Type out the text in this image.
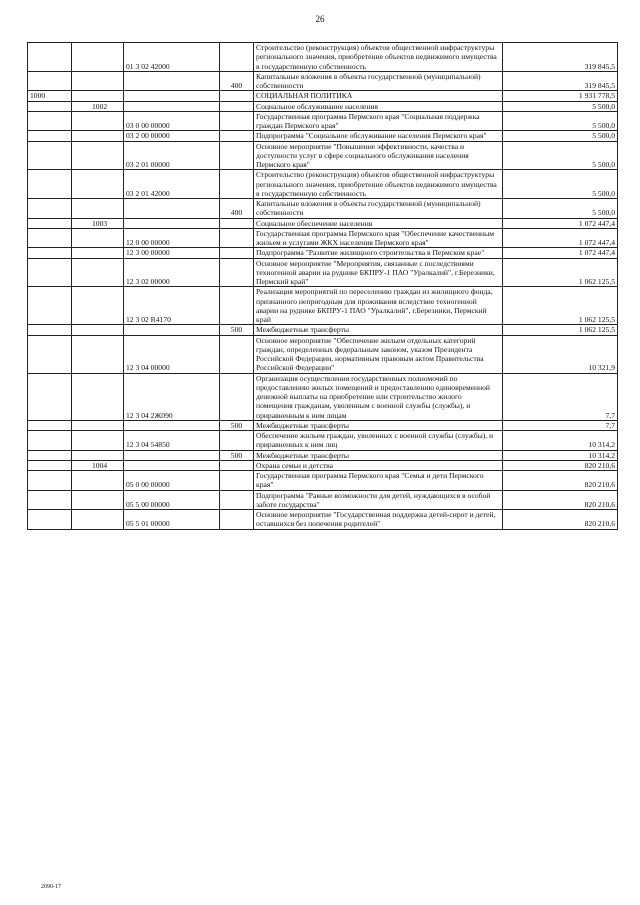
26
		01 3 02 42000		Строительство (реконструкция) объектов общественной инфраструктуры регионального значения, приобретение объектов недвижимого имущества в государственную собственность	319 845,5
			400	Капитальные вложения в объекты государственной (муниципальной) собственности	319 845,5
1000				СОЦИАЛЬНАЯ ПОЛИТИКА	1 931 778,5
	1002			Социальное обслуживание населения	5 500,0
		03 0 00 00000		Государственная программа Пермского края "Социальная поддержка граждан Пермского края"	5 500,0
		03 2 00 00000		Подпрограмма "Социальное обслуживание населения Пермского края"	5 500,0
		03 2 01 00000		Основное мероприятие "Повышение эффективности, качества и доступности услуг в сфере социального обслуживания населения Пермского края"	5 500,0
		03 2 01 42000		Строительство (реконструкция) объектов общественной инфраструктуры регионального значения, приобретение объектов недвижимого имущества в государственную собственность	5 500,0
			400	Капитальные вложения в объекты государственной (муниципальной) собственности	5 500,0
	1003			Социальное обеспечение населения	1 072 447,4
		12 0 00 00000		Государственная программа Пермского края "Обеспечение качественным жильем и услугами ЖКХ населения Пермского края"	1 072 447,4
		12 3 00 00000		Подпрограмма "Развитие жилищного строительства в Пермском крае"	1 072 447,4
		12 3 02 00000		Основное мероприятие "Мероприятия, связанные с последствиями техногенной аварии на руднике БКПРУ-1 ПАО "Уралкалий", г.Березники, Пермский край"	1 062 125,5
		12 3 02 R4170		Реализация мероприятий по переселению граждан из жилищного фонда, признанного непригодным для проживания вследствие техногенной аварии на руднике БКПРУ-1 ПАО "Уралкалий", г.Березники, Пермский край	1 062 125,5
			500	Межбюджетные трансферты	1 062 125,5
		12 3 04 00000		Основное мероприятие "Обеспечение жильем отдельных категорий граждан, определенных федеральным законом, указом Президента Российской Федерации, нормативным правовым актом Правительства Российской Федерации"	10 321,9
		12 3 04 2Ж090		Организация осуществления государственных полномочий по предоставлению жилых помещений и предоставлению единовременной денежной выплаты на приобретение или строительство жилого помещения гражданам, уволенным с военной службы (службы), и приравненным к ним лицам	7,7
			500	Межбюджетные трансферты	7,7
		12 3 04 54850		Обеспечение жильем граждан, уволенных с военной службы (службы), и приравненных к ним лиц	10 314,2
			500	Межбюджетные трансферты	10 314,2
	1004			Охрана семьи и детства	820 210,6
		05 0 00 00000		Государственная программа Пермского края "Семья и дети Пермского края"	820 210,6
		05 5 00 00000		Подпрограмма "Равные возможности для детей, нуждающихся в особой заботе государства"	820 210,6
		05 5 01 00000		Основное мероприятие "Государственная поддержка детей-сирот и детей, оставшихся без попечения родителей"	820 210,6
2090-17
